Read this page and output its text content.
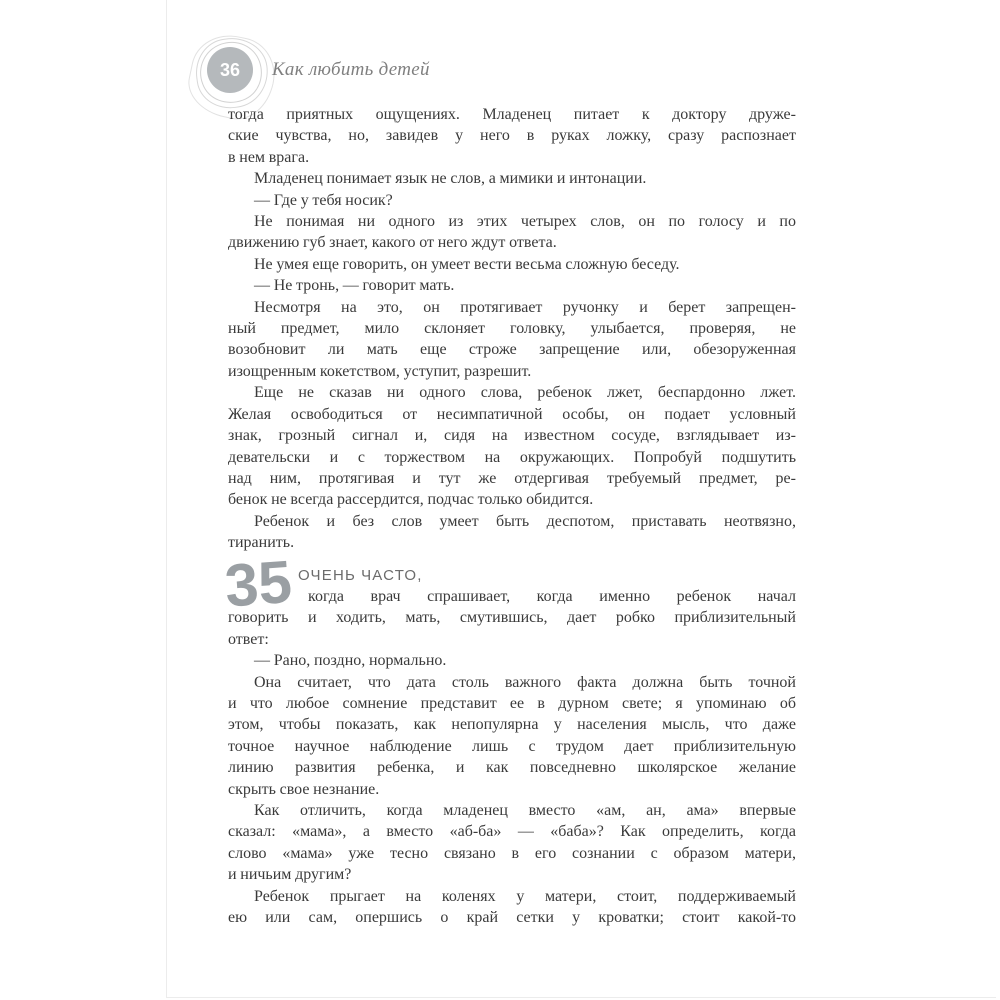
36	Как любить детей
тогда приятных ощущениях. Младенец питает к доктору друже-
ские чувства, но, завидев у него в руках ложку, сразу распознает
в нем врага.
Младенец понимает язык не слов, а мимики и интонации.
— Где у тебя носик?
Не понимая ни одного из этих четырех слов, он по голосу и по
движению губ знает, какого от него ждут ответа.
Не умея еще говорить, он умеет вести весьма сложную беседу.
— Не тронь, — говорит мать.
Несмотря на это, он протягивает ручонку и берет запрещен-
ный предмет, мило склоняет головку, улыбается, проверяя, не
возобновит ли мать еще строже запрещение или, обезоруженная
изощренным кокетством, уступит, разрешит.
Еще не сказав ни одного слова, ребенок лжет, беспардонно лжет.
Желая освободиться от несимпатичной особы, он подает условный
знак, грозный сигнал и, сидя на известном сосуде, взглядывает из-
девательски и с торжеством на окружающих. Попробуй подшутить
над ним, протягивая и тут же отдергивая требуемый предмет, ре-
бенок не всегда рассердится, подчас только обидится.
Ребенок и без слов умеет быть деспотом, приставать неотвязно,
тиранить.
35 ОЧЕНЬ ЧАСТО,
когда врач спрашивает, когда именно ребенок начал
говорить и ходить, мать, смутившись, дает робко приблизительный
ответ:
— Рано, поздно, нормально.
Она считает, что дата столь важного факта должна быть точной
и что любое сомнение представит ее в дурном свете; я упоминаю об
этом, чтобы показать, как непопулярна у населения мысль, что даже
точное научное наблюдение лишь с трудом дает приблизительную
линию развития ребенка, и как повседневно школярское желание
скрыть свое незнание.
Как отличить, когда младенец вместо «ам, ан, ама» впервые
сказал: «мама», а вместо «аб-ба» — «баба»? Как определить, когда
слово «мама» уже тесно связано в его сознании с образом матери,
и ничьим другим?
Ребенок прыгает на коленях у матери, стоит, поддерживаемый
ею или сам, опершись о край сетки у кроватки; стоит какой-то
